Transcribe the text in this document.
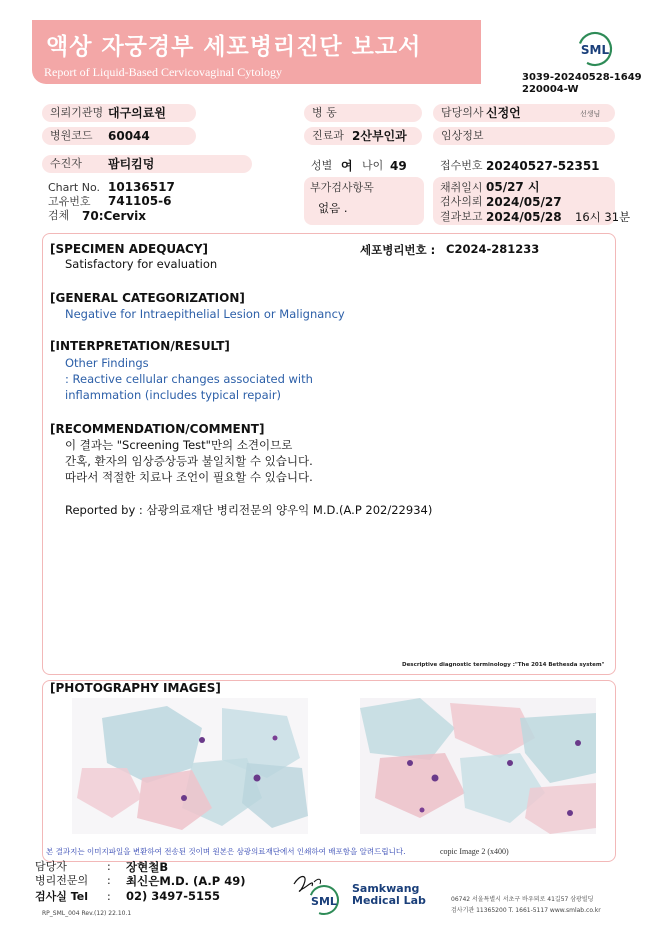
액상 자궁경부 세포병리진단 보고서
Report of Liquid-Based Cervicovaginal Cytology
SML
3039-20240528-1649
220004-W
의뢰기관명 대구의료원	병 동	담당의사 신정언	선생님
병원코드	60044	진료과 2산부인과	임상정보
수진자	팜티킴덩	성별 여 나이 49	접수번호 20240527-52351
Chart No. 10136517
고유번호 741105-6
검체 70:Cervix
부가검사항목
없음 .
채취일시 05/27 시
검사의뢰 2024/05/27
결과보고 2024/05/28 16시 31분
[SPECIMEN ADEQUACY]
Satisfactory for evaluation
세포병리번호 : C2024-281233
[GENERAL CATEGORIZATION]
Negative for Intraepithelial Lesion or Malignancy
[INTERPRETATION/RESULT]
Other Findings
: Reactive cellular changes associated with
inflammation (includes typical repair)
[RECOMMENDATION/COMMENT]
이 결과는 "Screening Test"만의 소견이므로
간혹, 환자의 임상증상등과 불일치할 수 있습니다.
따라서 적절한 치료나 조언이 필요할 수 있습니다.
Reported by : 삼광의료재단 병리전문의 양우익 M.D.(A.P 202/22934)
Descriptive diagnostic terminology :"The 2014 Bethesda system"
[PHOTOGRAPHY IMAGES]
copic Image 2 (x400)
본 결과지는 이미지파일을 변환하여 전송된 것이며 원본은 삼광의료재단에서 인쇄하여 배포함을 알려드립니다.
담당자	: 장현철B
병리전문의 : 최신은M.D. (A.P 49)
검사실 Tel : 02) 3497-5155
RP_SML_004 Rev.(12) 22.10.1
SML
Samkwang
Medical Lab	06742 서울특별시 서초구 바우뫼로 41길57 삼광빌딩
검사기관 11365200 T. 1661-5117 www.smlab.co.kr
